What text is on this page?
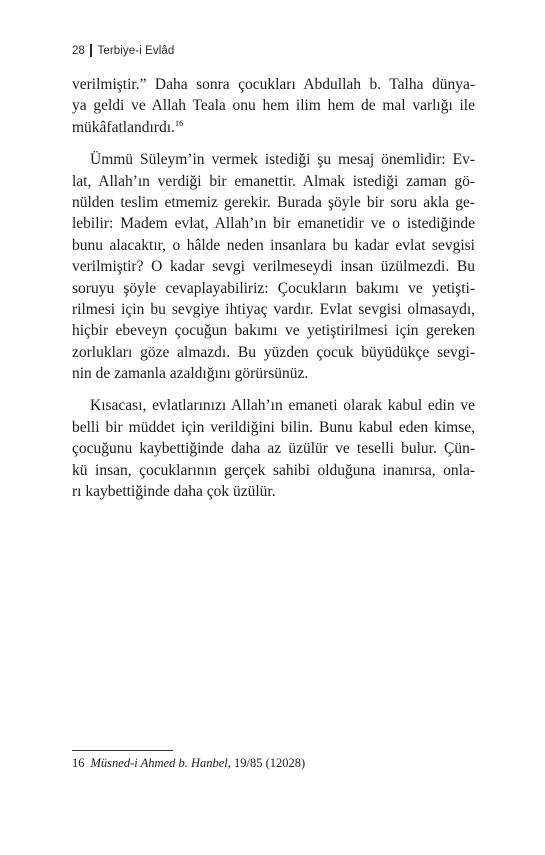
28 Terbiye-i Evlâd
verilmiştir.” Daha sonra çocukları Abdullah b. Talha dünya-
ya geldi ve Allah Teala onu hem ilim hem de mal varlığı ile
mükâfatlandırdı.$^{16}$
Ümmü Süleym’in vermek istediği şu mesaj önemlidir: Ev-
lat, Allah’ın verdiği bir emanettir. Almak istediği zaman gö-
nülden teslim etmemiz gerekir. Burada şöyle bir soru akla ge-
lebilir: Madem evlat, Allah’ın bir emanetidir ve o istediğinde
bunu alacaktır, o hâlde neden insanlara bu kadar evlat sevgisi
verilmiştir? O kadar sevgi verilmeseydi insan üzülmezdi. Bu
soruyu şöyle cevaplayabiliriz: Çocukların bakımı ve yetişti-
rilmesi için bu sevgiye ihtiyaç vardır. Evlat sevgisi olmasaydı,
hiçbir ebeveyn çocuğun bakımı ve yetiştirilmesi için gereken
zorlukları göze almazdı. Bu yüzden çocuk büyüdükçe sevgi-
nin de zamanla azaldığını görürsünüz.
Kısacası, evlatlarınızı Allah’ın emaneti olarak kabul edin ve
belli bir müddet için verildiğini bilin. Bunu kabul eden kimse,
çocuğunu kaybettiğinde daha az üzülür ve teselli bulur. Çün-
kü insan, çocuklarının gerçek sahibi olduğuna inanırsa, onla-
rı kaybettiğinde daha çok üzülür.
16 Müsned-i Ahmed b. Hanbel, 19/85 (12028)
